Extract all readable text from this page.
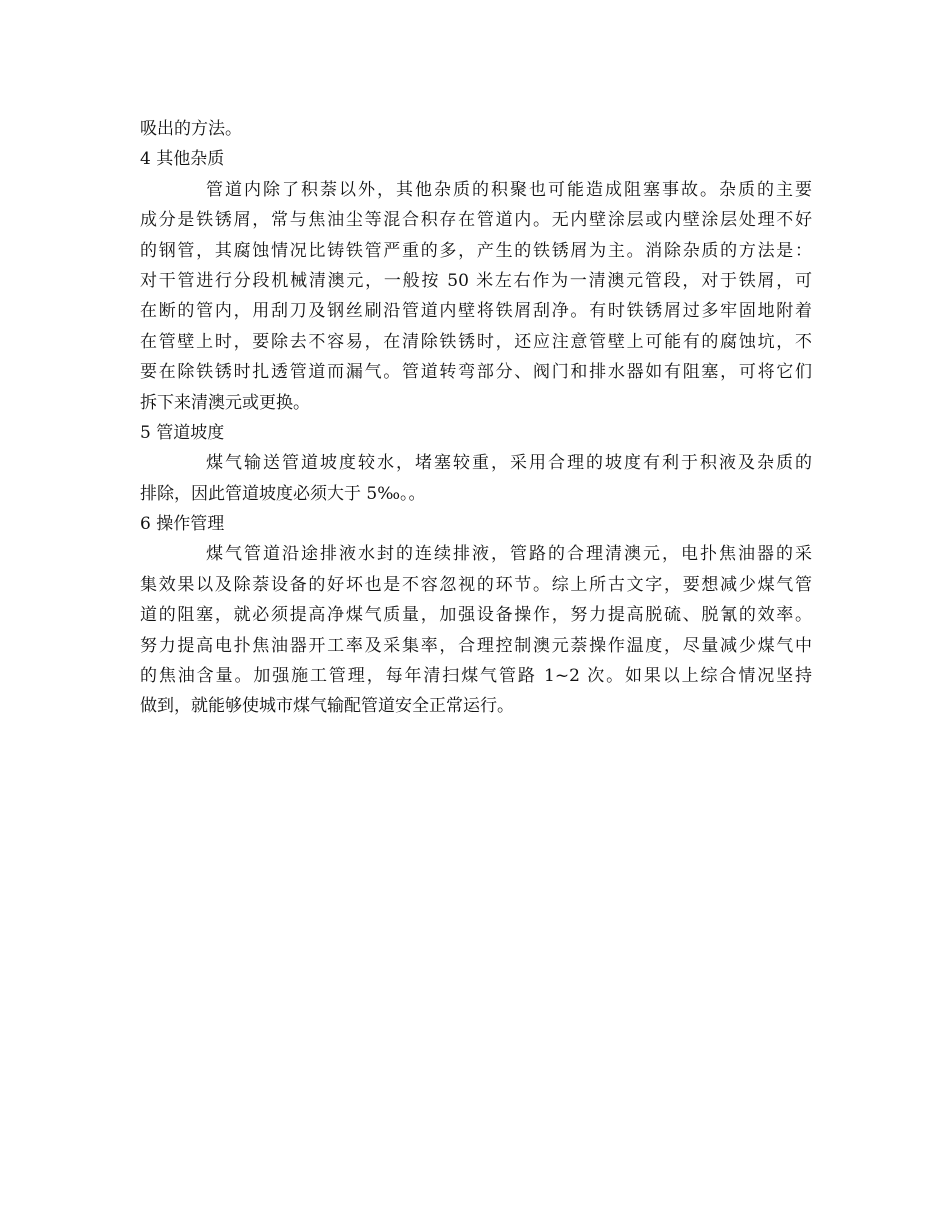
吸出的方法。
4 其他杂质
管道内除了积萘以外，其他杂质的积聚也可能造成阻塞事故。杂质的主要
成分是铁锈屑，常与焦油尘等混合积存在管道内。无内壁涂层或内壁涂层处理不好
的钢管，其腐蚀情况比铸铁管严重的多，产生的铁锈屑为主。消除杂质的方法是：
对干管进行分段机械清澳元，一般按 50 米左右作为一清澳元管段，对于铁屑，可
在断的管内，用刮刀及钢丝刷沿管道内壁将铁屑刮净。有时铁锈屑过多牢固地附着
在管壁上时，要除去不容易，在清除铁锈时，还应注意管壁上可能有的腐蚀坑，不
要在除铁锈时扎透管道而漏气。管道转弯部分、阀门和排水器如有阻塞，可将它们
拆下来清澳元或更换。
5 管道坡度
煤气输送管道坡度较水，堵塞较重，采用合理的坡度有利于积液及杂质的
排除，因此管道坡度必须大于 5‰。。
6 操作管理
煤气管道沿途排液水封的连续排液，管路的合理清澳元，电扑焦油器的采
集效果以及除萘设备的好坏也是不容忽视的环节。综上所古文字，要想减少煤气管
道的阻塞，就必须提高净煤气质量，加强设备操作，努力提高脱硫、脱氰的效率。
努力提高电扑焦油器开工率及采集率，合理控制澳元萘操作温度，尽量减少煤气中
的焦油含量。加强施工管理，每年清扫煤气管路 1~2 次。如果以上综合情况坚持
做到，就能够使城市煤气输配管道安全正常运行。
